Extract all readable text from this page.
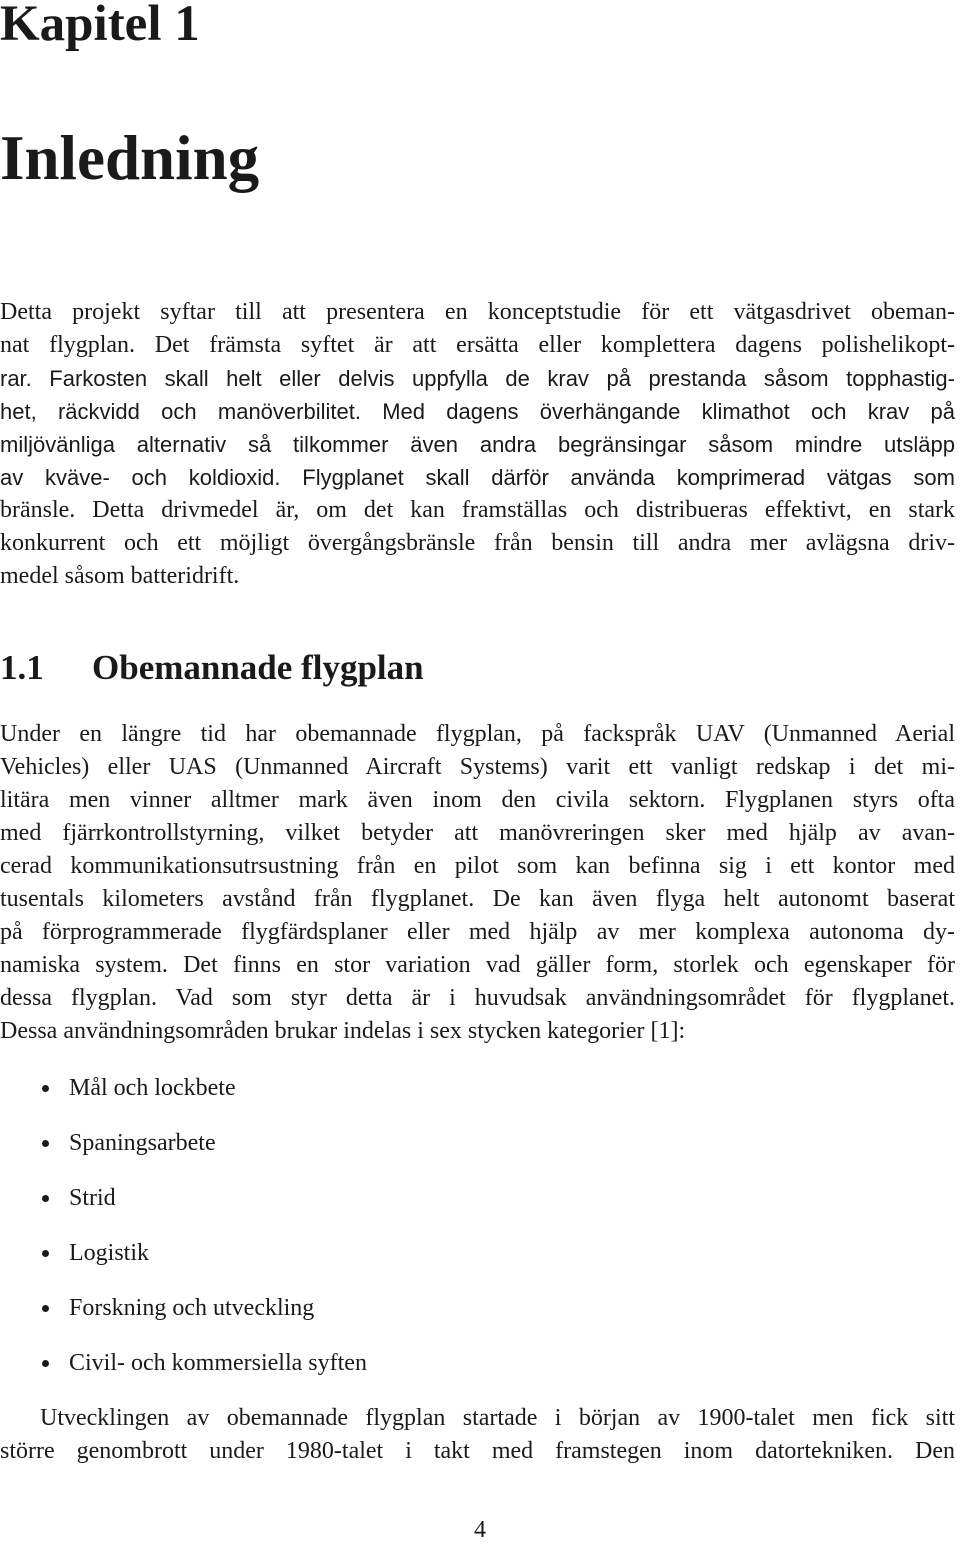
Kapitel 1
Inledning

Detta projekt syftar till att presentera en konceptstudie för ett vätgasdrivet obeman-
nat flygplan. Det främsta syftet är att ersätta eller komplettera dagens polishelikopt-
rar. Farkosten skall helt eller delvis uppfylla de krav på prestanda såsom topphastig-
het, räckvidd och manöverbilitet. Med dagens överhängande klimathot och krav på
miljövänliga alternativ så tilkommer även andra begränsingar såsom mindre utsläpp
av kväve- och koldioxid. Flygplanet skall därför använda komprimerad vätgas som
bränsle. Detta drivmedel är, om det kan framställas och distribueras effektivt, en stark
konkurrent och ett möjligt övergångsbränsle från bensin till andra mer avlägsna driv-
medel såsom batteridrift.

1.1 Obemannade flygplan

Under en längre tid har obemannade flygplan, på fackspråk UAV (Unmanned Aerial
Vehicles) eller UAS (Unmanned Aircraft Systems) varit ett vanligt redskap i det mi-
litära men vinner alltmer mark även inom den civila sektorn. Flygplanen styrs ofta
med fjärrkontrollstyrning, vilket betyder att manövreringen sker med hjälp av avan-
cerad kommunikationsutrsustning från en pilot som kan befinna sig i ett kontor med
tusentals kilometers avstånd från flygplanet. De kan även flyga helt autonomt baserat
på förprogrammerade flygfärdsplaner eller med hjälp av mer komplexa autonoma dy-
namiska system. Det finns en stor variation vad gäller form, storlek och egenskaper för
dessa flygplan. Vad som styr detta är i huvudsak användningsområdet för flygplanet.
Dessa användningsområden brukar indelas i sex stycken kategorier [1]:

Mål och lockbete
Spaningsarbete
Strid
Logistik
Forskning och utveckling
Civil- och kommersiella syften

Utvecklingen av obemannade flygplan startade i början av 1900-talet men fick sitt
större genombrott under 1980-talet i takt med framstegen inom datortekniken. Den

4
